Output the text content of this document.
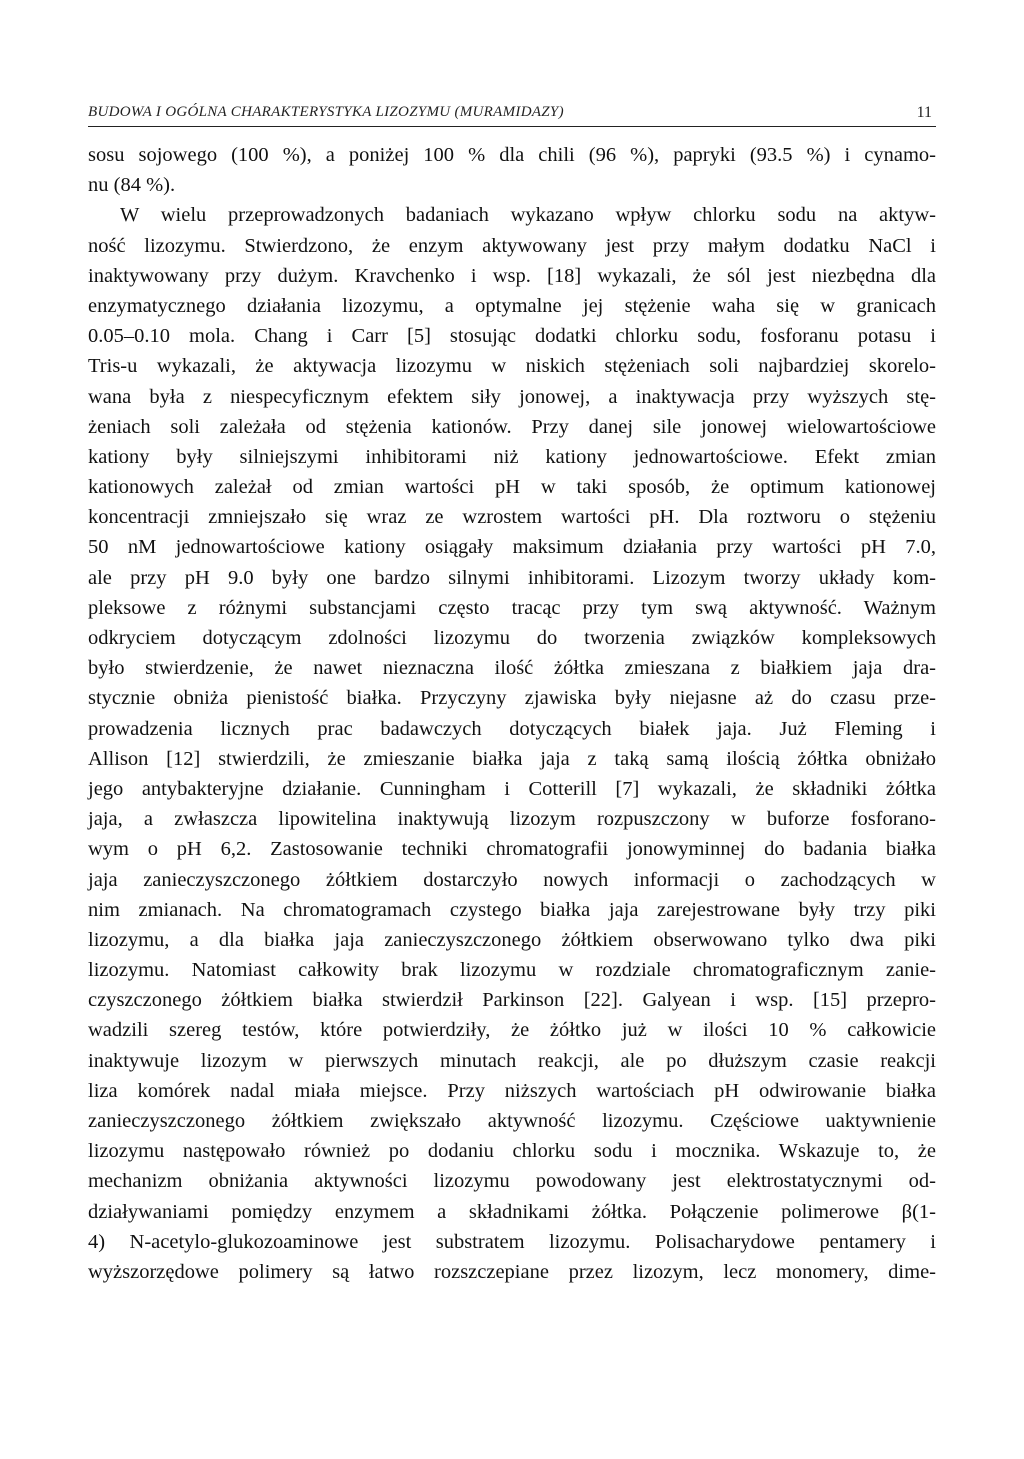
BUDOWA I OGÓLNA CHARAKTERYSTYKA LIZOZYMU (MURAMIDAZY)	11
sosu sojowego (100 %), a poniżej 100 % dla chili (96 %), papryki (93.5 %) i cynamo-
nu (84 %).
W wielu przeprowadzonych badaniach wykazano wpływ chlorku sodu na aktyw-
ność lizozymu. Stwierdzono, że enzym aktywowany jest przy małym dodatku NaCl i
inaktywowany przy dużym. Kravchenko i wsp. [18] wykazali, że sól jest niezbędna dla
enzymatycznego działania lizozymu, a optymalne jej stężenie waha się w granicach
0.05–0.10 mola. Chang i Carr [5] stosując dodatki chlorku sodu, fosforanu potasu i
Tris-u wykazali, że aktywacja lizozymu w niskich stężeniach soli najbardziej skorelo-
wana była z niespecyficznym efektem siły jonowej, a inaktywacja przy wyższych stę-
żeniach soli zależała od stężenia kationów. Przy danej sile jonowej wielowartościowe
kationy były silniejszymi inhibitorami niż kationy jednowartościowe. Efekt zmian
kationowych zależał od zmian wartości pH w taki sposób, że optimum kationowej
koncentracji zmniejszało się wraz ze wzrostem wartości pH. Dla roztworu o stężeniu
50 nM jednowartościowe kationy osiągały maksimum działania przy wartości pH 7.0,
ale przy pH 9.0 były one bardzo silnymi inhibitorami. Lizozym tworzy układy kom-
pleksowe z różnymi substancjami często tracąc przy tym swą aktywność. Ważnym
odkryciem dotyczącym zdolności lizozymu do tworzenia związków kompleksowych
było stwierdzenie, że nawet nieznaczna ilość żółtka zmieszana z białkiem jaja dra-
stycznie obniża pienistość białka. Przyczyny zjawiska były niejasne aż do czasu prze-
prowadzenia licznych prac badawczych dotyczących białek jaja. Już Fleming i
Allison [12] stwierdzili, że zmieszanie białka jaja z taką samą ilością żółtka obniżało
jego antybakteryjne działanie. Cunningham i Cotterill [7] wykazali, że składniki żółtka
jaja, a zwłaszcza lipowitelina inaktywują lizozym rozpuszczony w buforze fosforano-
wym o pH 6,2. Zastosowanie techniki chromatografii jonowyminnej do badania białka
jaja zanieczyszczonego żółtkiem dostarczyło nowych informacji o zachodzących w
nim zmianach. Na chromatogramach czystego białka jaja zarejestrowane były trzy piki
lizozymu, a dla białka jaja zanieczyszczonego żółtkiem obserwowano tylko dwa piki
lizozymu. Natomiast całkowity brak lizozymu w rozdziale chromatograficznym zanie-
czyszczonego żółtkiem białka stwierdził Parkinson [22]. Galyean i wsp. [15] przepro-
wadzili szereg testów, które potwierdziły, że żółtko już w ilości 10 % całkowicie
inaktywuje lizozym w pierwszych minutach reakcji, ale po dłuższym czasie reakcji
liza komórek nadal miała miejsce. Przy niższych wartościach pH odwirowanie białka
zanieczyszczonego żółtkiem zwiększało aktywność lizozymu. Częściowe uaktywnienie
lizozymu następowało również po dodaniu chlorku sodu i mocznika. Wskazuje to, że
mechanizm obniżania aktywności lizozymu powodowany jest elektrostatycznymi od-
działywaniami pomiędzy enzymem a składnikami żółtka. Połączenie polimerowe β(1-
4) N-acetylo-glukozoaminowe jest substratem lizozymu. Polisacharydowe pentamery i
wyższorzędowe polimery są łatwo rozszczepiane przez lizozym, lecz monomery, dime-
